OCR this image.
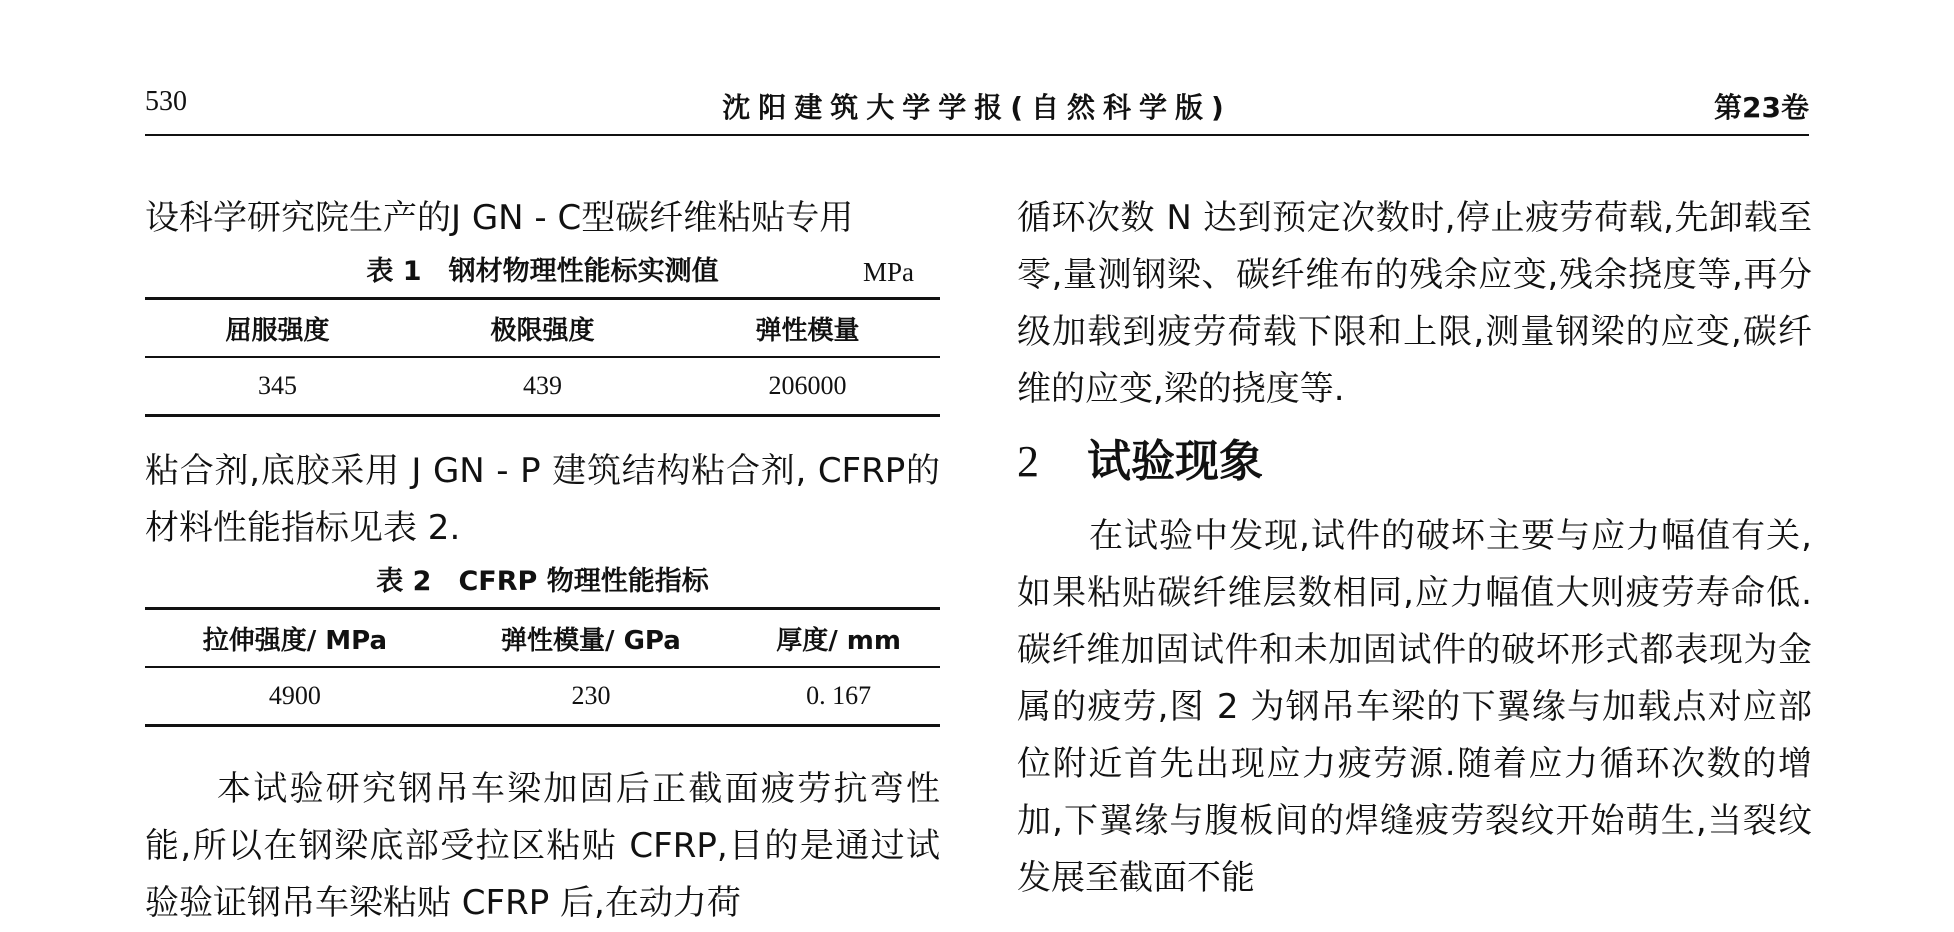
530	沈阳建筑大学学报(自然科学版)	第23卷

设科学研究院生产的J GN - C型碳纤维粘贴专用

表 1　钢材物理性能标实测值	MPa
屈服强度	极限强度	弹性模量
345	439	206000

粘合剂,底胶采用 J GN - P 建筑结构粘合剂, CFRP的材料性能指标见表 2.

表 2　CFRP 物理性能指标
拉伸强度/ MPa	弹性模量/ GPa	厚度/ mm
4900	230	0. 167

本试验研究钢吊车梁加固后正截面疲劳抗弯性能,所以在钢梁底部受拉区粘贴 CFRP,目的是通过试验验证钢吊车梁粘贴 CFRP 后,在动力荷

循环次数 N 达到预定次数时,停止疲劳荷载,先卸载至零,量测钢梁、碳纤维布的残余应变,残余挠度等,再分级加载到疲劳荷载下限和上限,测量钢梁的应变,碳纤维的应变,梁的挠度等.

2 试验现象

在试验中发现,试件的破坏主要与应力幅值有关,如果粘贴碳纤维层数相同,应力幅值大则疲劳寿命低.碳纤维加固试件和未加固试件的破坏形式都表现为金属的疲劳,图 2 为钢吊车梁的下翼缘与加载点对应部位附近首先出现应力疲劳源.随着应力循环次数的增加,下翼缘与腹板间的焊缝疲劳裂纹开始萌生,当裂纹发展至截面不能
